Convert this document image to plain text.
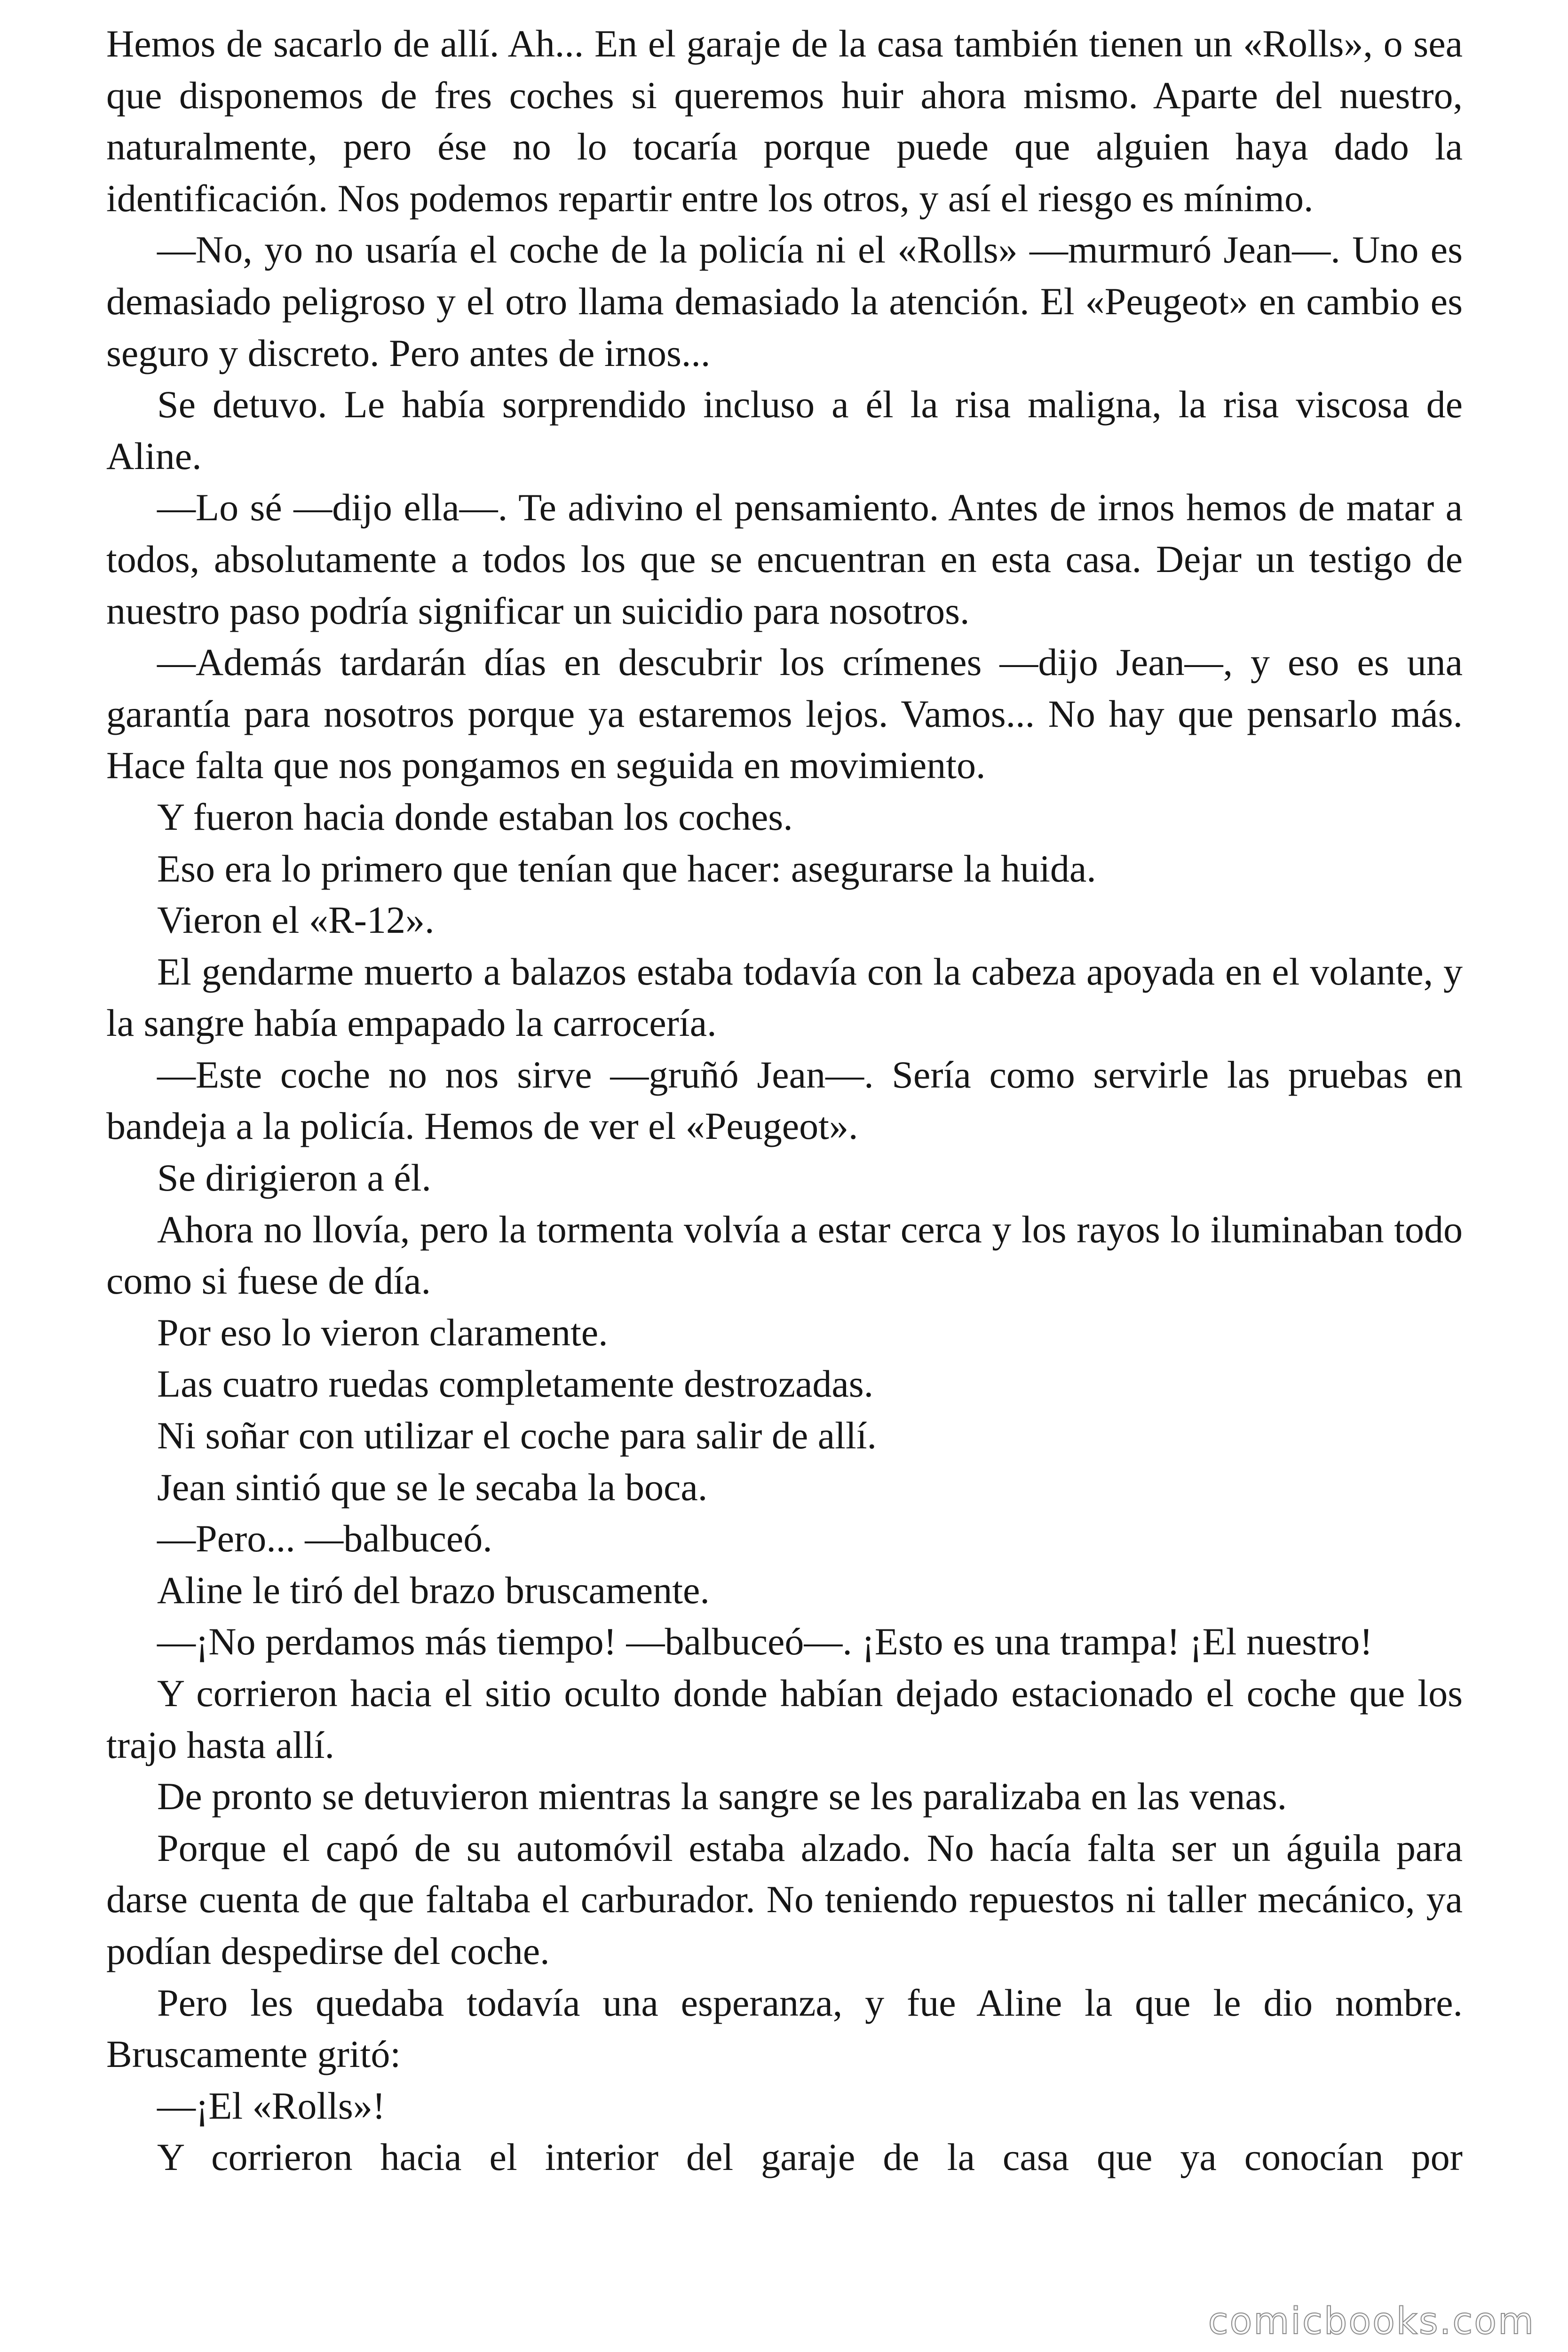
Hemos de sacarlo de allí. Ah... En el garaje de la casa también tienen un «Rolls», o sea que disponemos de fres coches si queremos huir ahora mismo. Aparte del nuestro, naturalmente, pero ése no lo tocaría porque puede que alguien haya dado la identificación. Nos podemos repartir entre los otros, y así el riesgo es mínimo.

—No, yo no usaría el coche de la policía ni el «Rolls» —murmuró Jean—. Uno es demasiado peligroso y el otro llama demasiado la atención. El «Peugeot» en cambio es seguro y discreto. Pero antes de irnos...

Se detuvo. Le había sorprendido incluso a él la risa maligna, la risa viscosa de Aline.

—Lo sé —dijo ella—. Te adivino el pensamiento. Antes de irnos hemos de matar a todos, absolutamente a todos los que se encuentran en esta casa. Dejar un testigo de nuestro paso podría significar un suicidio para nosotros.

—Además tardarán días en descubrir los crímenes —dijo Jean—, y eso es una garantía para nosotros porque ya estaremos lejos. Vamos... No hay que pensarlo más. Hace falta que nos pongamos en seguida en movimiento.

Y fueron hacia donde estaban los coches.

Eso era lo primero que tenían que hacer: asegurarse la huida.

Vieron el «R-12».

El gendarme muerto a balazos estaba todavía con la cabeza apoyada en el volante, y la sangre había empapado la carrocería.

—Este coche no nos sirve —gruñó Jean—. Sería como servirle las pruebas en bandeja a la policía. Hemos de ver el «Peugeot».

Se dirigieron a él.

Ahora no llovía, pero la tormenta volvía a estar cerca y los rayos lo iluminaban todo como si fuese de día.

Por eso lo vieron claramente.

Las cuatro ruedas completamente destrozadas.

Ni soñar con utilizar el coche para salir de allí.

Jean sintió que se le secaba la boca.

—Pero... —balbuceó.

Aline le tiró del brazo bruscamente.

—¡No perdamos más tiempo! —balbuceó—. ¡Esto es una trampa! ¡El nuestro!

Y corrieron hacia el sitio oculto donde habían dejado estacionado el coche que los trajo hasta allí.

De pronto se detuvieron mientras la sangre se les paralizaba en las venas.

Porque el capó de su automóvil estaba alzado. No hacía falta ser un águila para darse cuenta de que faltaba el carburador. No teniendo repuestos ni taller mecánico, ya podían despedirse del coche.

Pero les quedaba todavía una esperanza, y fue Aline la que le dio nombre. Bruscamente gritó:

—¡El «Rolls»!

Y corrieron hacia el interior del garaje de la casa que ya conocían por

comicbooks.com
